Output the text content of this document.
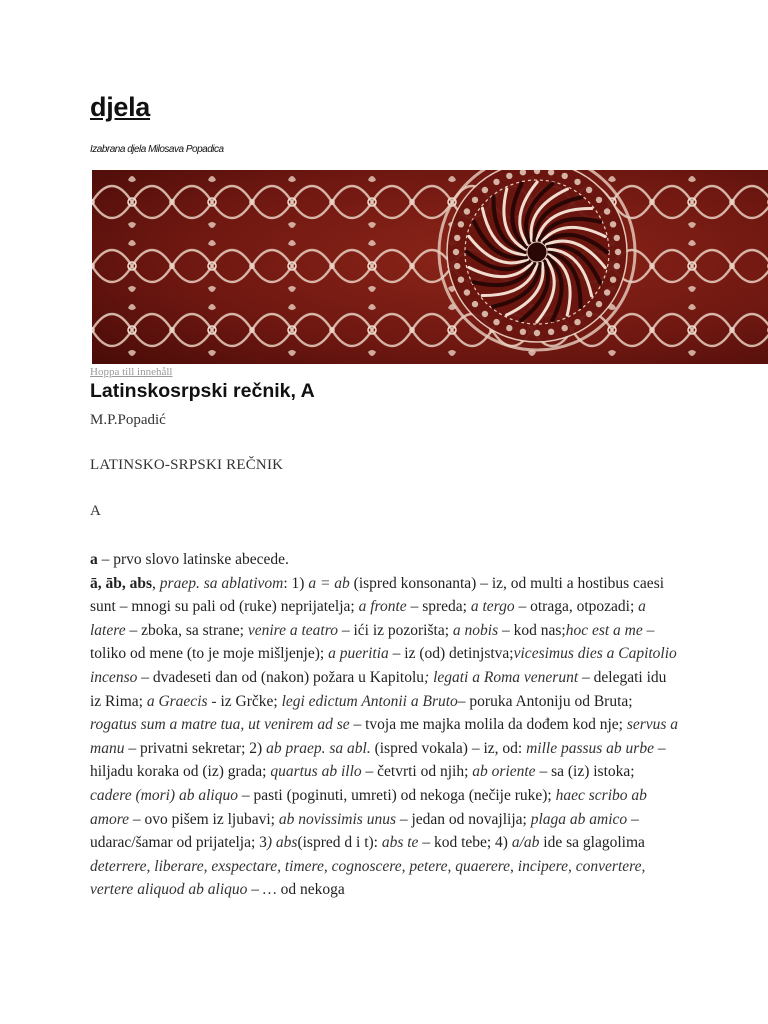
djela

Izabrana djela Milosava Popadica

Hoppa till innehåll
Latinskosrpski rečnik, A

M.P.Popadić

LATINSKO-SRPSKI REČNIK

A

a – prvo slovo latinske abecede.
ā, āb, abs, praep. sa ablativom: 1) a = ab (ispred konsonanta) – iz, od multi a hostibus caesi sunt – mnogi su pali od (ruke) neprijatelja; a fronte – spreda; a tergo – otraga, otpozadi; a latere – zboka, sa strane; venire a teatro – ići iz pozorišta; a nobis – kod nas;hoc est a me – toliko od mene (to je moje mišljenje); a pueritia – iz (od) detinjstva;vicesimus dies a Capitolio incenso – dvadeseti dan od (nakon) požara u Kapitolu; legati a Roma venerunt – delegati idu iz Rima; a Graecis - iz Grčke; legi edictum Antonii a Bruto– poruka Antoniju od Bruta; rogatus sum a matre tua, ut venirem ad se – tvoja me majka molila da dođem kod nje; servus a manu – privatni sekretar; 2) ab praep. sa abl. (ispred vokala) – iz, od: mille passus ab urbe – hiljadu koraka od (iz) grada; quartus ab illo – četvrti od njih; ab oriente – sa (iz) istoka; cadere (mori) ab aliquo – pasti (poginuti, umreti) od nekoga (nečije ruke); haec scribo ab amore – ovo pišem iz ljubavi; ab novissimis unus – jedan od novajlija; plaga ab amico – udarac/šamar od prijatelja; 3) abs(ispred d i t): abs te – kod tebe; 4) a/ab ide sa glagolima deterrere, liberare, exspectare, timere, cognoscere, petere, quaerere, incipere, convertere, vertere aliquod ab aliquo – … od nekoga
